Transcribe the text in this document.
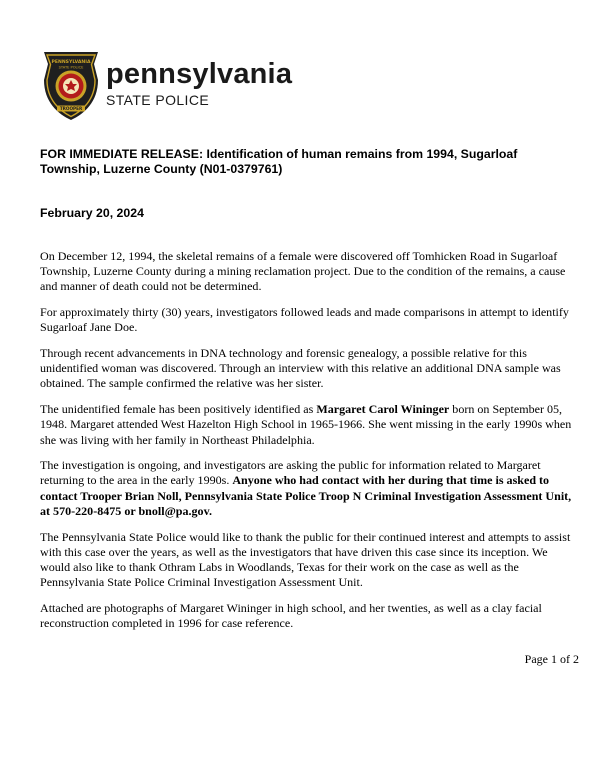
PENNSYLVANIA
STATE POLICE
TROOPER
pennsylvania
STATE POLICE
FOR IMMEDIATE RELEASE: Identification of human remains from 1994, Sugarloaf Township, Luzerne County (N01-0379761)
February 20, 2024

On December 12, 1994, the skeletal remains of a female were discovered off Tomhicken Road in Sugarloaf Township, Luzerne County during a mining reclamation project. Due to the condition of the remains, a cause and manner of death could not be determined.

For approximately thirty (30) years, investigators followed leads and made comparisons in attempt to identify Sugarloaf Jane Doe.

Through recent advancements in DNA technology and forensic genealogy, a possible relative for this unidentified woman was discovered. Through an interview with this relative an additional DNA sample was obtained. The sample confirmed the relative was her sister.

The unidentified female has been positively identified as Margaret Carol Wininger born on September 05, 1948. Margaret attended West Hazelton High School in 1965-1966. She went missing in the early 1990s when she was living with her family in Northeast Philadelphia.

The investigation is ongoing, and investigators are asking the public for information related to Margaret returning to the area in the early 1990s. Anyone who had contact with her during that time is asked to contact Trooper Brian Noll, Pennsylvania State Police Troop N Criminal Investigation Assessment Unit, at 570-220-8475 or bnoll@pa.gov.

The Pennsylvania State Police would like to thank the public for their continued interest and attempts to assist with this case over the years, as well as the investigators that have driven this case since its inception. We would also like to thank Othram Labs in Woodlands, Texas for their work on the case as well as the Pennsylvania State Police Criminal Investigation Assessment Unit.

Attached are photographs of Margaret Wininger in high school, and her twenties, as well as a clay facial reconstruction completed in 1996 for case reference.

Page 1 of 2
